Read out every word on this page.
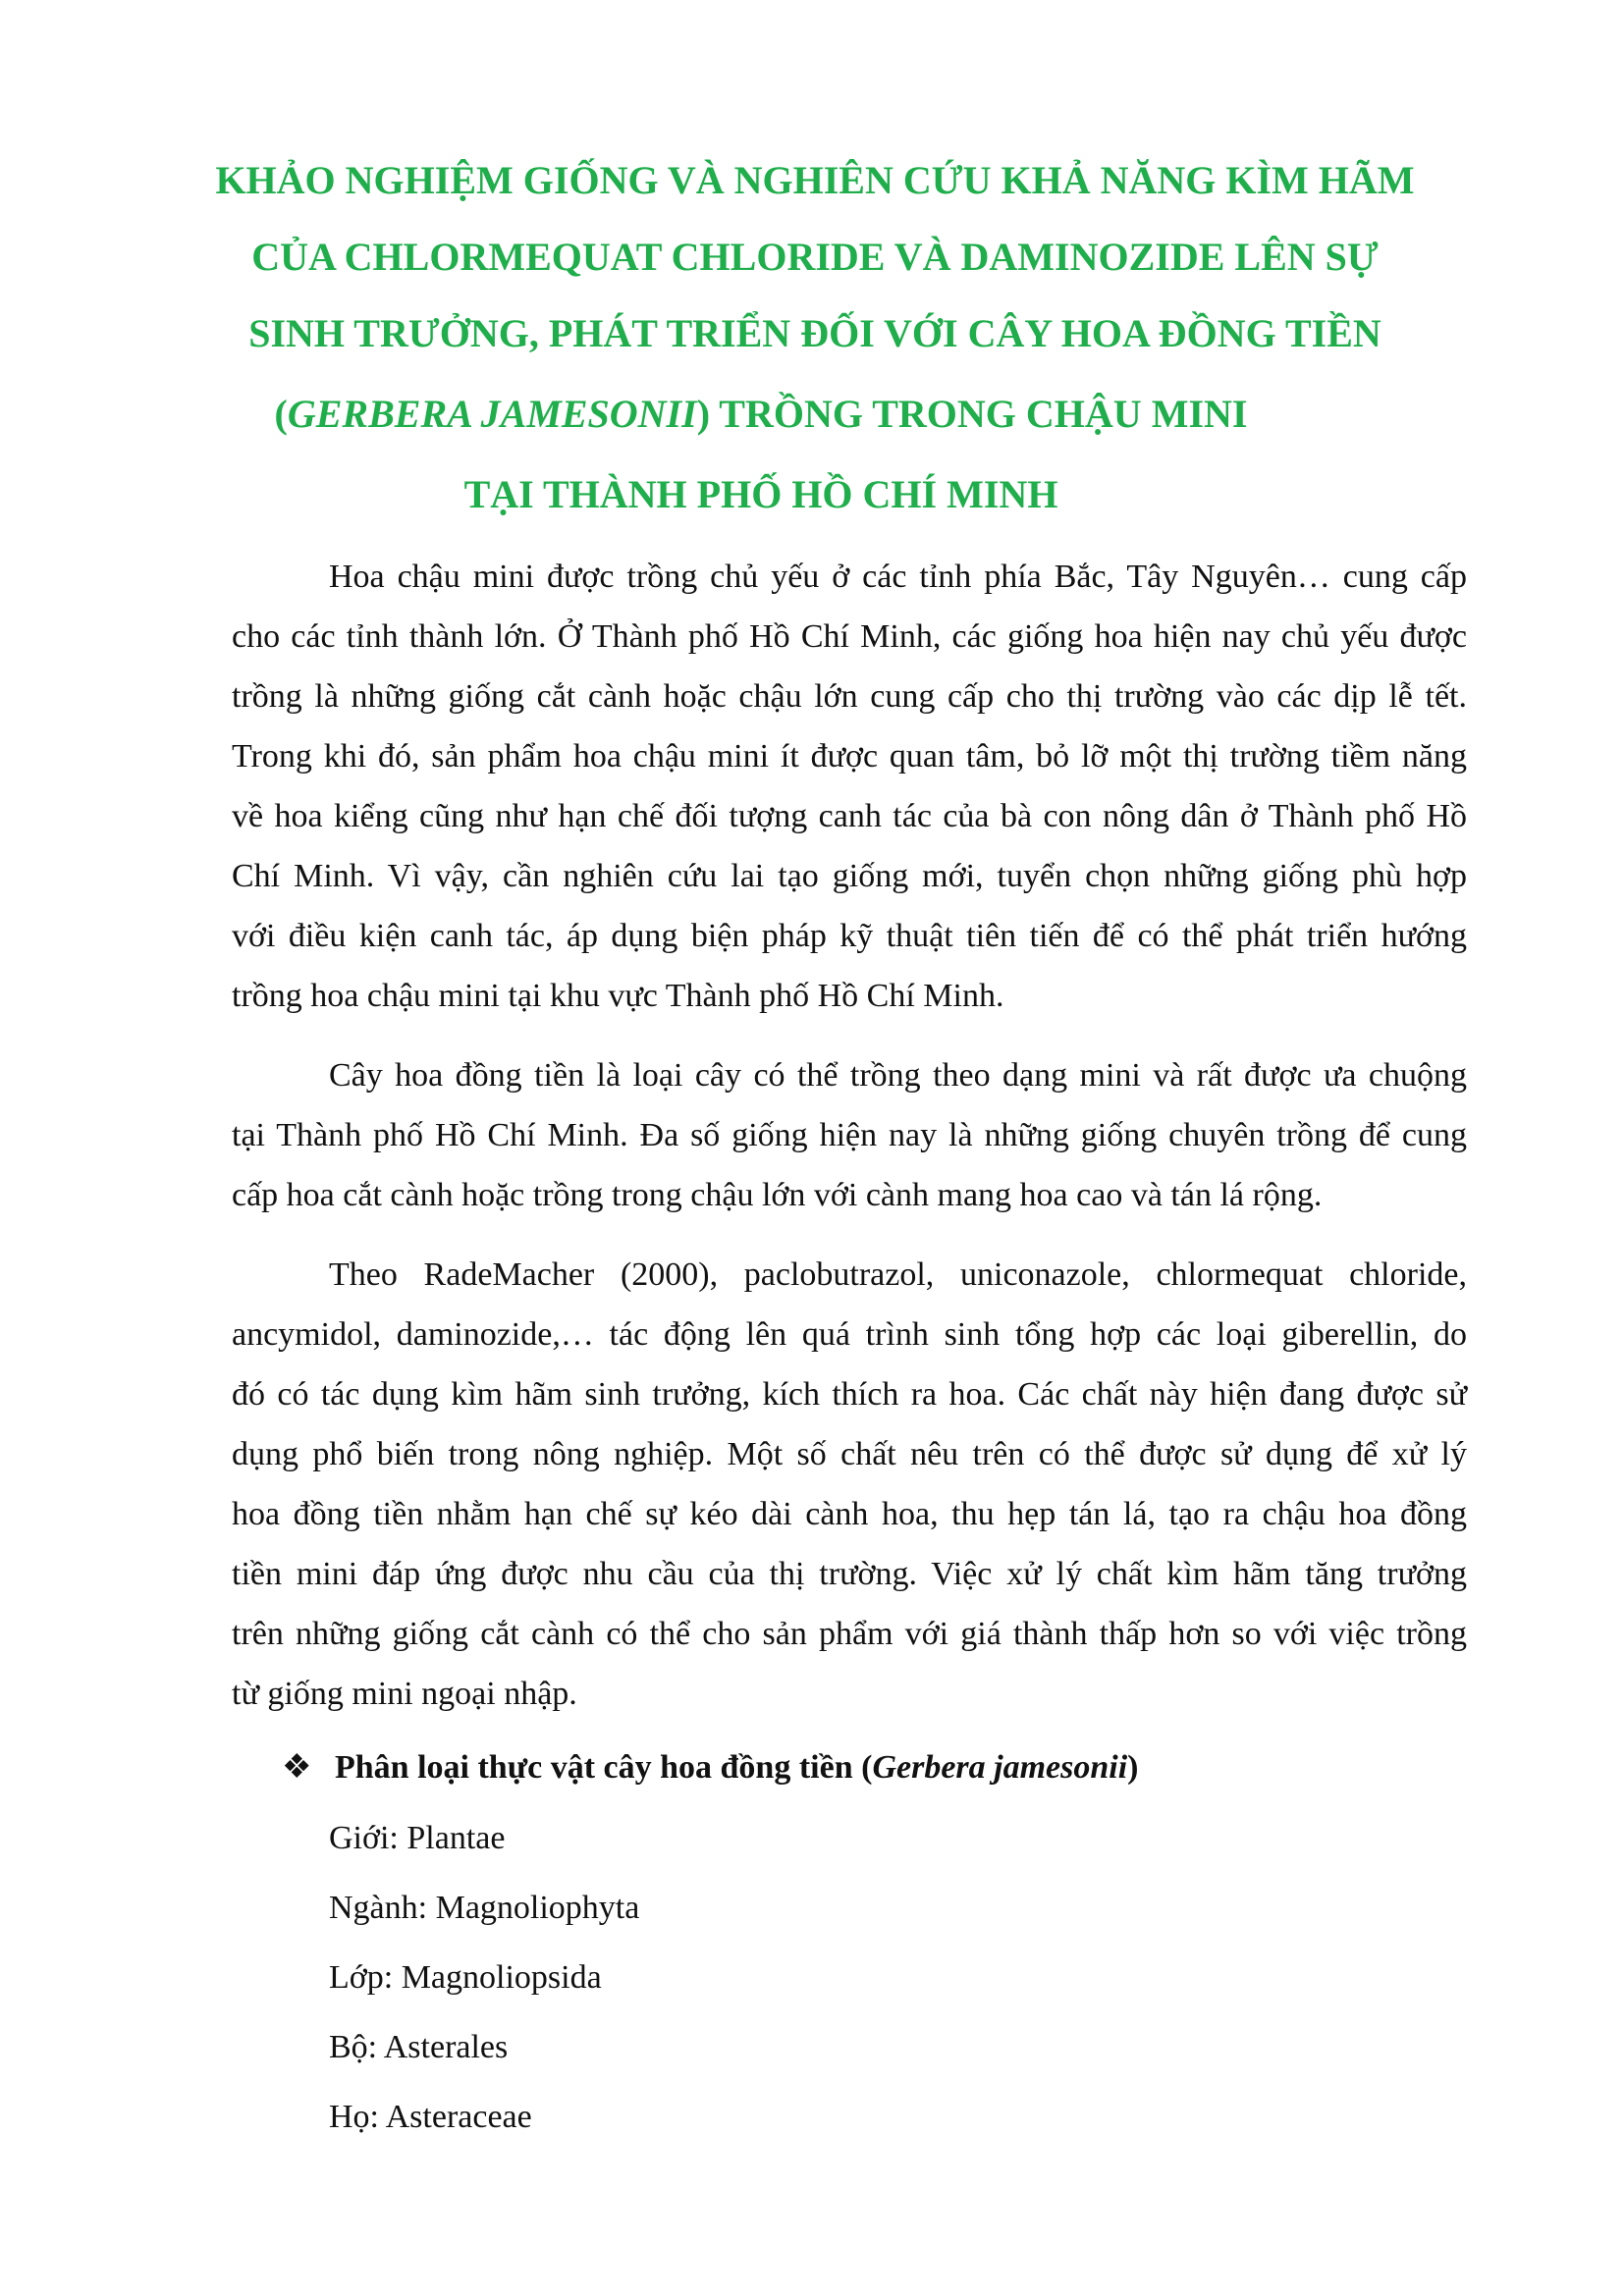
KHẢO NGHIỆM GIỐNG VÀ NGHIÊN CỨU KHẢ NĂNG KÌM HÃM
CỦA CHLORMEQUAT CHLORIDE VÀ DAMINOZIDE LÊN SỰ
SINH TRƯỞNG, PHÁT TRIỂN ĐỐI VỚI CÂY HOA ĐỒNG TIỀN
(GERBERA JAMESONII) TRỒNG TRONG CHẬU MINI
TẠI THÀNH PHỐ HỒ CHÍ MINH
Hoa chậu mini được trồng chủ yếu ở các tỉnh phía Bắc, Tây Nguyên… cung cấp
cho các tỉnh thành lớn. Ở Thành phố Hồ Chí Minh, các giống hoa hiện nay chủ yếu được
trồng là những giống cắt cành hoặc chậu lớn cung cấp cho thị trường vào các dịp lễ tết.
Trong khi đó, sản phẩm hoa chậu mini ít được quan tâm, bỏ lỡ một thị trường tiềm năng
về hoa kiểng cũng như hạn chế đối tượng canh tác của bà con nông dân ở Thành phố Hồ
Chí Minh. Vì vậy, cần nghiên cứu lai tạo giống mới, tuyển chọn những giống phù hợp
với điều kiện canh tác, áp dụng biện pháp kỹ thuật tiên tiến để có thể phát triển hướng
trồng hoa chậu mini tại khu vực Thành phố Hồ Chí Minh.
Cây hoa đồng tiền là loại cây có thể trồng theo dạng mini và rất được ưa chuộng
tại Thành phố Hồ Chí Minh. Đa số giống hiện nay là những giống chuyên trồng để cung
cấp hoa cắt cành hoặc trồng trong chậu lớn với cành mang hoa cao và tán lá rộng.
Theo RadeMacher (2000), paclobutrazol, uniconazole, chlormequat chloride,
ancymidol, daminozide,… tác động lên quá trình sinh tổng hợp các loại giberellin, do
đó có tác dụng kìm hãm sinh trưởng, kích thích ra hoa. Các chất này hiện đang được sử
dụng phổ biến trong nông nghiệp. Một số chất nêu trên có thể được sử dụng để xử lý
hoa đồng tiền nhằm hạn chế sự kéo dài cành hoa, thu hẹp tán lá, tạo ra chậu hoa đồng
tiền mini đáp ứng được nhu cầu của thị trường. Việc xử lý chất kìm hãm tăng trưởng
trên những giống cắt cành có thể cho sản phẩm với giá thành thấp hơn so với việc trồng
từ giống mini ngoại nhập.
❖ Phân loại thực vật cây hoa đồng tiền (Gerbera jamesonii)
Giới: Plantae
Ngành: Magnoliophyta
Lớp: Magnoliopsida
Bộ: Asterales
Họ: Asteraceae
